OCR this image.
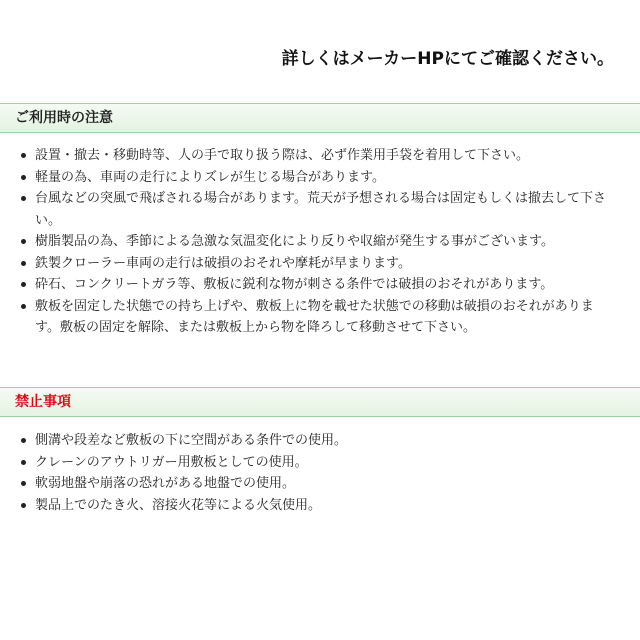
詳しくはメーカーHPにてご確認ください。
ご利用時の注意
設置・撤去・移動時等、人の手で取り扱う際は、必ず作業用手袋を着用して下さい。
軽量の為、車両の走行によりズレが生じる場合があります。
台風などの突風で飛ばされる場合があります。荒天が予想される場合は固定もしくは撤去して下さい。
樹脂製品の為、季節による急激な気温変化により反りや収縮が発生する事がございます。
鉄製クローラー車両の走行は破損のおそれや摩耗が早まります。
砕石、コンクリートガラ等、敷板に鋭利な物が刺さる条件では破損のおそれがあります。
敷板を固定した状態での持ち上げや、敷板上に物を載せた状態での移動は破損のおそれがあります。敷板の固定を解除、または敷板上から物を降ろして移動させて下さい。
禁止事項
側溝や段差など敷板の下に空間がある条件での使用。
クレーンのアウトリガー用敷板としての使用。
軟弱地盤や崩落の恐れがある地盤での使用。
製品上でのたき火、溶接火花等による火気使用。
